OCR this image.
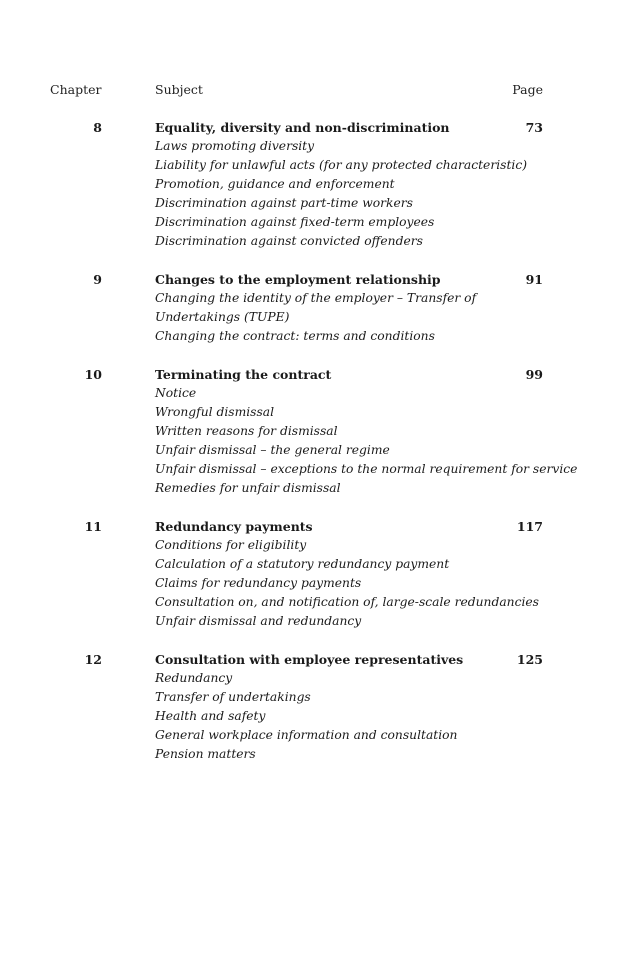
Chapter	Subject	Page
8	Equality, diversity and non-discrimination	73
Laws promoting diversity
Liability for unlawful acts (for any protected characteristic)
Promotion, guidance and enforcement
Discrimination against part-time workers
Discrimination against fixed-term employees
Discrimination against convicted offenders
9	Changes to the employment relationship	91
Changing the identity of the employer – Transfer of
Undertakings (TUPE)
Changing the contract: terms and conditions
10	Terminating the contract	99
Notice
Wrongful dismissal
Written reasons for dismissal
Unfair dismissal – the general regime
Unfair dismissal – exceptions to the normal requirement for service
Remedies for unfair dismissal
11	Redundancy payments	117
Conditions for eligibility
Calculation of a statutory redundancy payment
Claims for redundancy payments
Consultation on, and notification of, large-scale redundancies
Unfair dismissal and redundancy
12	Consultation with employee representatives	125
Redundancy
Transfer of undertakings
Health and safety
General workplace information and consultation
Pension matters
